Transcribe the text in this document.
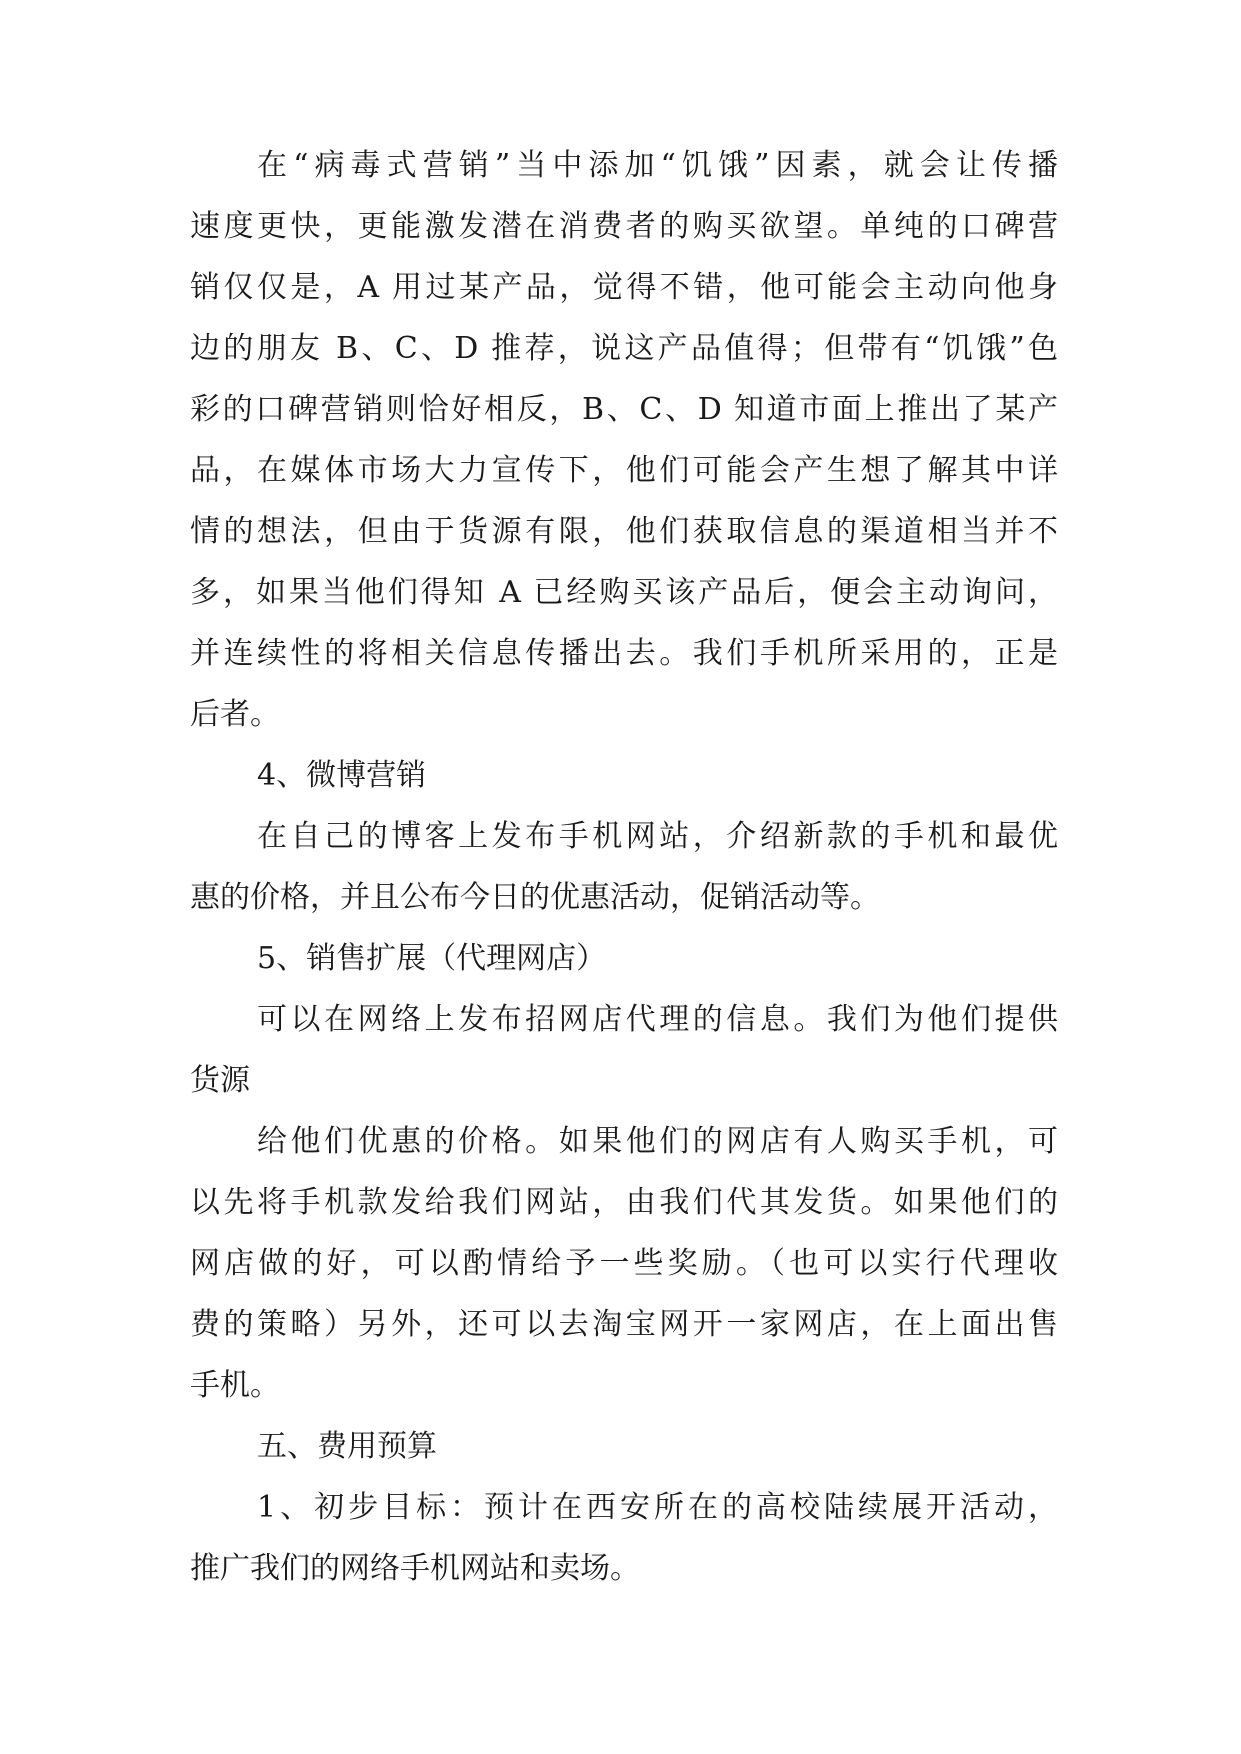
在“病毒式营销”当中添加“饥饿”因素，就会让传播
速度更快，更能激发潜在消费者的购买欲望。单纯的口碑营
销仅仅是，A 用过某产品，觉得不错，他可能会主动向他身
边的朋友 B、C、D 推荐，说这产品值得；但带有“饥饿”色
彩的口碑营销则恰好相反，B、C、D 知道市面上推出了某产
品，在媒体市场大力宣传下，他们可能会产生想了解其中详
情的想法，但由于货源有限，他们获取信息的渠道相当并不
多，如果当他们得知 A 已经购买该产品后，便会主动询问，
并连续性的将相关信息传播出去。我们手机所采用的，正是
后者。
4、微博营销
在自己的博客上发布手机网站，介绍新款的手机和最优
惠的价格，并且公布今日的优惠活动，促销活动等。
5、销售扩展（代理网店）
可以在网络上发布招网店代理的信息。我们为他们提供
货源
给他们优惠的价格。如果他们的网店有人购买手机，可
以先将手机款发给我们网站，由我们代其发货。如果他们的
网店做的好，可以酌情给予一些奖励。（也可以实行代理收
费的策略）另外，还可以去淘宝网开一家网店，在上面出售
手机。
五、费用预算
1、初步目标：预计在西安所在的高校陆续展开活动，
推广我们的网络手机网站和卖场。
